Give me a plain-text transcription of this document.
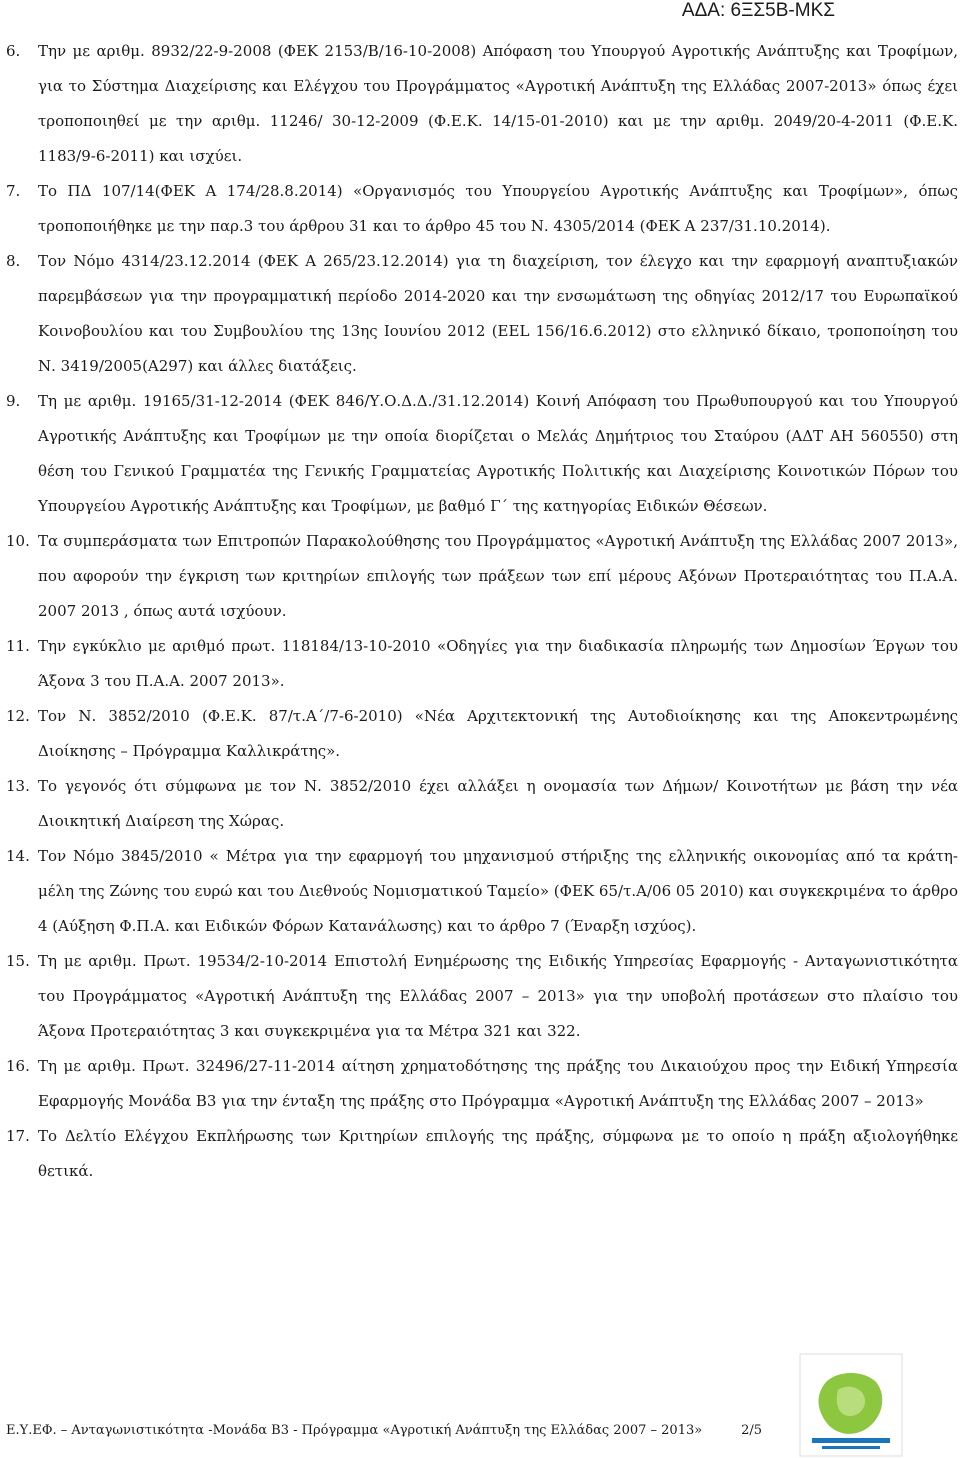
ΑΔΑ: 6ΞΣ5Β-ΜΚΣ
6.	Την με αριθμ. 8932/22-9-2008 (ΦΕΚ 2153/Β/16-10-2008) Απόφαση του Υπουργού Αγροτικής Ανάπτυξης και Τροφίμων, για το Σύστημα Διαχείρισης και Ελέγχου του Προγράμματος «Αγροτική Ανάπτυξη της Ελλάδας 2007-2013» όπως έχει τροποποιηθεί με την αριθμ. 11246/ 30-12-2009 (Φ.Ε.Κ. 14/15-01-2010) και με την αριθμ. 2049/20-4-2011 (Φ.Ε.Κ. 1183/9-6-2011) και ισχύει.
7.	Το ΠΔ 107/14(ΦΕΚ Α 174/28.8.2014) «Οργανισμός του Υπουργείου Αγροτικής Ανάπτυξης και Τροφίμων», όπως τροποποιήθηκε με την παρ.3 του άρθρου 31 και το άρθρο 45 του Ν. 4305/2014 (ΦΕΚ Α 237/31.10.2014).
8.	Τον Νόμο 4314/23.12.2014 (ΦΕΚ Α 265/23.12.2014) για τη διαχείριση, τον έλεγχο και την εφαρμογή αναπτυξιακών παρεμβάσεων για την προγραμματική περίοδο 2014-2020 και την ενσωμάτωση της οδηγίας 2012/17 του Ευρωπαϊκού Κοινοβουλίου και του Συμβουλίου της 13ης Ιουνίου 2012 (EEL 156/16.6.2012) στο ελληνικό δίκαιο, τροποποίηση του Ν. 3419/2005(Α297) και άλλες διατάξεις.
9.	Τη με αριθμ. 19165/31-12-2014 (ΦΕΚ 846/Υ.Ο.Δ.Δ./31.12.2014) Κοινή Απόφαση του Πρωθυπουργού και του Υπουργού Αγροτικής Ανάπτυξης και Τροφίμων με την οποία διορίζεται ο Μελάς Δημήτριος του Σταύρου (ΑΔΤ ΑΗ 560550) στη θέση του Γενικού Γραμματέα της Γενικής Γραμματείας Αγροτικής Πολιτικής και Διαχείρισης Κοινοτικών Πόρων του Υπουργείου Αγροτικής Ανάπτυξης και Τροφίμων, με βαθμό Γ΄ της κατηγορίας Ειδικών Θέσεων.
10. Τα συμπεράσματα των Επιτροπών Παρακολούθησης του Προγράμματος «Αγροτική Ανάπτυξη της Ελλάδας 2007 2013», που αφορούν την έγκριση των κριτηρίων επιλογής των πράξεων των επί μέρους Αξόνων Προτεραιότητας του Π.Α.Α. 2007 2013 , όπως αυτά ισχύουν.
11. Την εγκύκλιο με αριθμό πρωτ. 118184/13-10-2010 «Οδηγίες για την διαδικασία πληρωμής των Δημοσίων Έργων του Άξονα 3 του Π.Α.Α. 2007 2013».
12. Τον Ν. 3852/2010 (Φ.Ε.Κ. 87/τ.Α΄/7-6-2010) «Νέα Αρχιτεκτονική της Αυτοδιοίκησης και της Αποκεντρωμένης Διοίκησης – Πρόγραμμα Καλλικράτης».
13. Το γεγονός ότι σύμφωνα με τον Ν. 3852/2010 έχει αλλάξει η ονομασία των Δήμων/ Κοινοτήτων με βάση την νέα Διοικητική Διαίρεση της Χώρας.
14. Τον Νόμο 3845/2010 « Μέτρα για την εφαρμογή του μηχανισμού στήριξης της ελληνικής οικονομίας από τα κράτη-μέλη της Ζώνης του ευρώ και του Διεθνούς Νομισματικού Ταμείο» (ΦΕΚ 65/τ.Α/06 05 2010) και συγκεκριμένα το άρθρο 4 (Αύξηση Φ.Π.Α. και Ειδικών Φόρων Κατανάλωσης) και το άρθρο 7 (Έναρξη ισχύος).
15. Τη με αριθμ. Πρωτ. 19534/2-10-2014 Επιστολή Ενημέρωσης της Ειδικής Υπηρεσίας Εφαρμογής - Ανταγωνιστικότητα του Προγράμματος «Αγροτική Ανάπτυξη της Ελλάδας 2007 – 2013» για την υποβολή προτάσεων στο πλαίσιο του Άξονα Προτεραιότητας 3 και συγκεκριμένα για τα Μέτρα 321 και 322.
16. Τη με αριθμ. Πρωτ. 32496/27-11-2014 αίτηση χρηματοδότησης της πράξης του Δικαιούχου προς την Ειδική Υπηρεσία Εφαρμογής Μονάδα Β3 για την ένταξη της πράξης στο Πρόγραμμα «Αγροτική Ανάπτυξη της Ελλάδας 2007 – 2013»
17. Το Δελτίο Ελέγχου Εκπλήρωσης των Κριτηρίων επιλογής της πράξης, σύμφωνα με το οποίο η πράξη αξιολογήθηκε θετικά.
Ε.Υ.ΕΦ. – Ανταγωνιστικότητα -Μονάδα Β3 - Πρόγραμμα «Αγροτική Ανάπτυξη της Ελλάδας 2007 – 2013»	2/5
